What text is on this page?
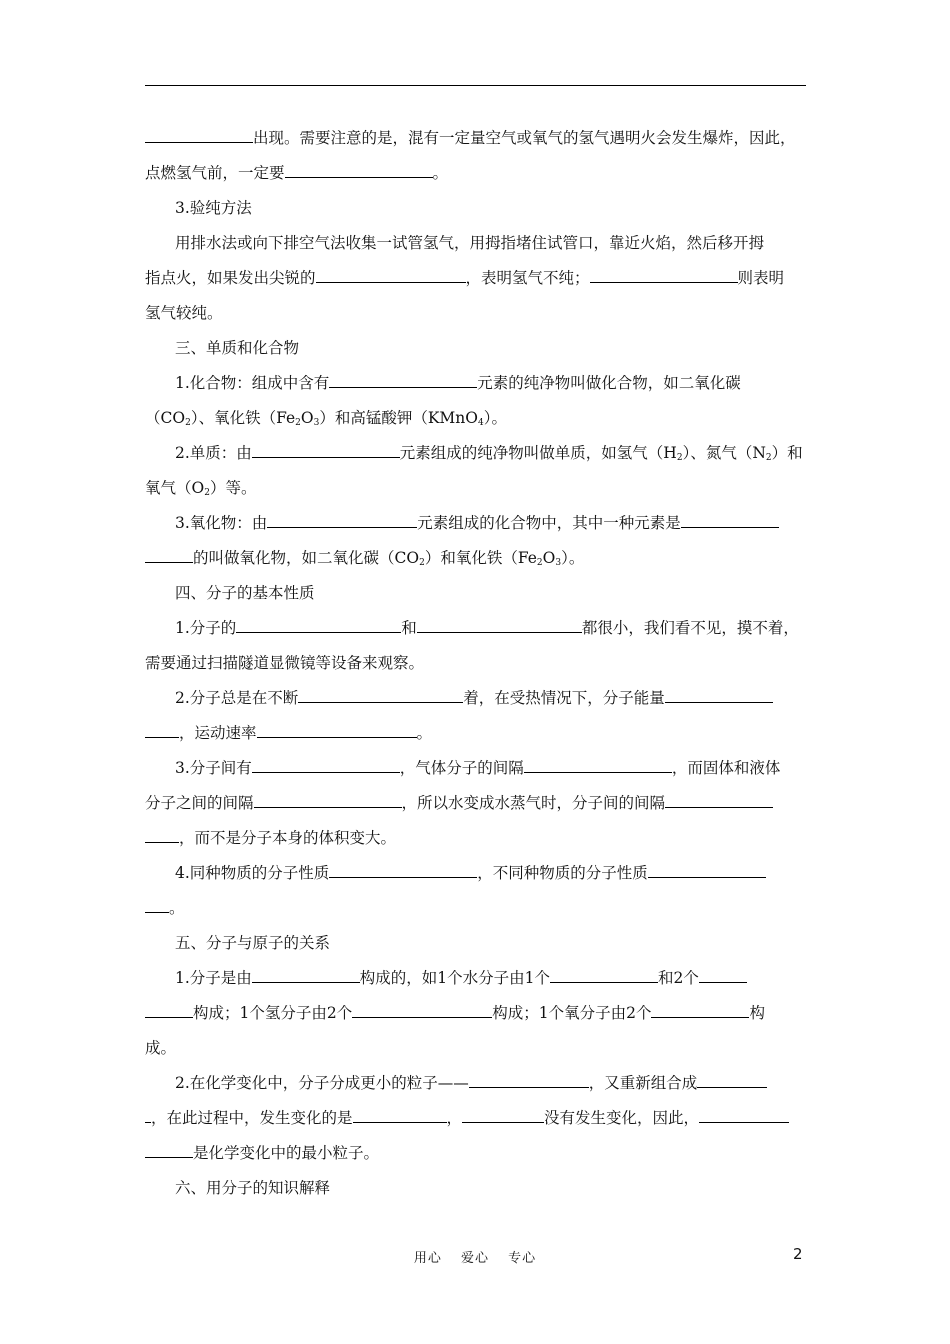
出现。需要注意的是，混有一定量空气或氧气的氢气遇明火会发生爆炸，因此，
点燃氢气前，一定要	。
3.验纯方法
用排水法或向下排空气法收集一试管氢气，用拇指堵住试管口，靠近火焰，然后移开拇
指点火，如果发出尖锐的	，表明氢气不纯；	则表明
氢气较纯。
三、单质和化合物
1.化合物：组成中含有	元素的纯净物叫做化合物，如二氧化碳
$(CO_2)$、氧化铁$(Fe_2O_3)$和高锰酸钾（KMnO$_4$）。
2.单质：由	元素组成的纯净物叫做单质，如氢气$(H_2)$、氮气$(N_2)$和
氧气$(O_2)$等。
3.氧化物：由	元素组成的化合物中，其中一种元素是
的叫做氧化物，如二氧化碳$(CO_2)$和氧化铁$(Fe_2O_3)$。
四、分子的基本性质
1.分子的	和	都很小，我们看不见，摸不着，
需要通过扫描隧道显微镜等设备来观察。
2.分子总是在不断	着，在受热情况下，分子能量
，运动速率	。
3.分子间有	，气体分子的间隔	，而固体和液体
分子之间的间隔	，所以水变成水蒸气时，分子间的间隔
，而不是分子本身的体积变大。
4.同种物质的分子性质	，不同种物质的分子性质
。
五、分子与原子的关系
1.分子是由	构成的，如1个水分子由1个	和2个
构成；1个氢分子由2个	构成；1个氧分子由2个	构
成。
2.在化学变化中，分子分成更小的粒子——	，又重新组合成
，在此过程中，发生变化的是	，	没有发生变化，因此，
是化学变化中的最小粒子。
六、用分子的知识解释
用心　 爱心　 专心	2
